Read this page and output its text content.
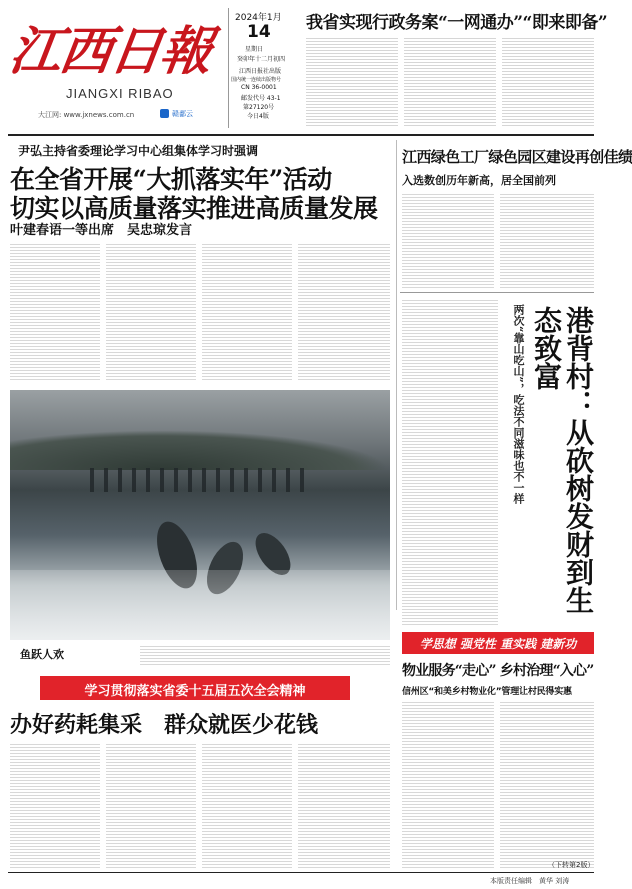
江西日報
JIANGXI RIBAO
大江网: www.jxnews.com.cn	赣鄱云
2024年1月
14
星期日
癸卯年十二月初四
江西日报社出版
国内统一连续出版物号
CN 36-0001
邮发代号 43-1
第27120号
今日4版
我省实现行政务案“一网通办”“即来即备”
尹弘主持省委理论学习中心组集体学习时强调
在全省开展“大抓落实年”活动
切实以高质量落实推进高质量发展
叶建春语一等出席　吴忠琼发言
江西绿色工厂绿色园区建设再创佳绩
入选数创历年新高，居全国前列
鱼跃人欢
两次“靠山吃山”，吃法不同滋味也不一样	港背村：从砍树发财到生态致富
学思想 强党性 重实践 建新功
物业服务“走心” 乡村治理“入心”
信州区“和美乡村物业化”管理让村民得实惠
学习贯彻落实省委十五届五次全会精神
办好药耗集采　群众就医少花钱
（下转第2版）
本版责任编辑　黄华 刘涛
